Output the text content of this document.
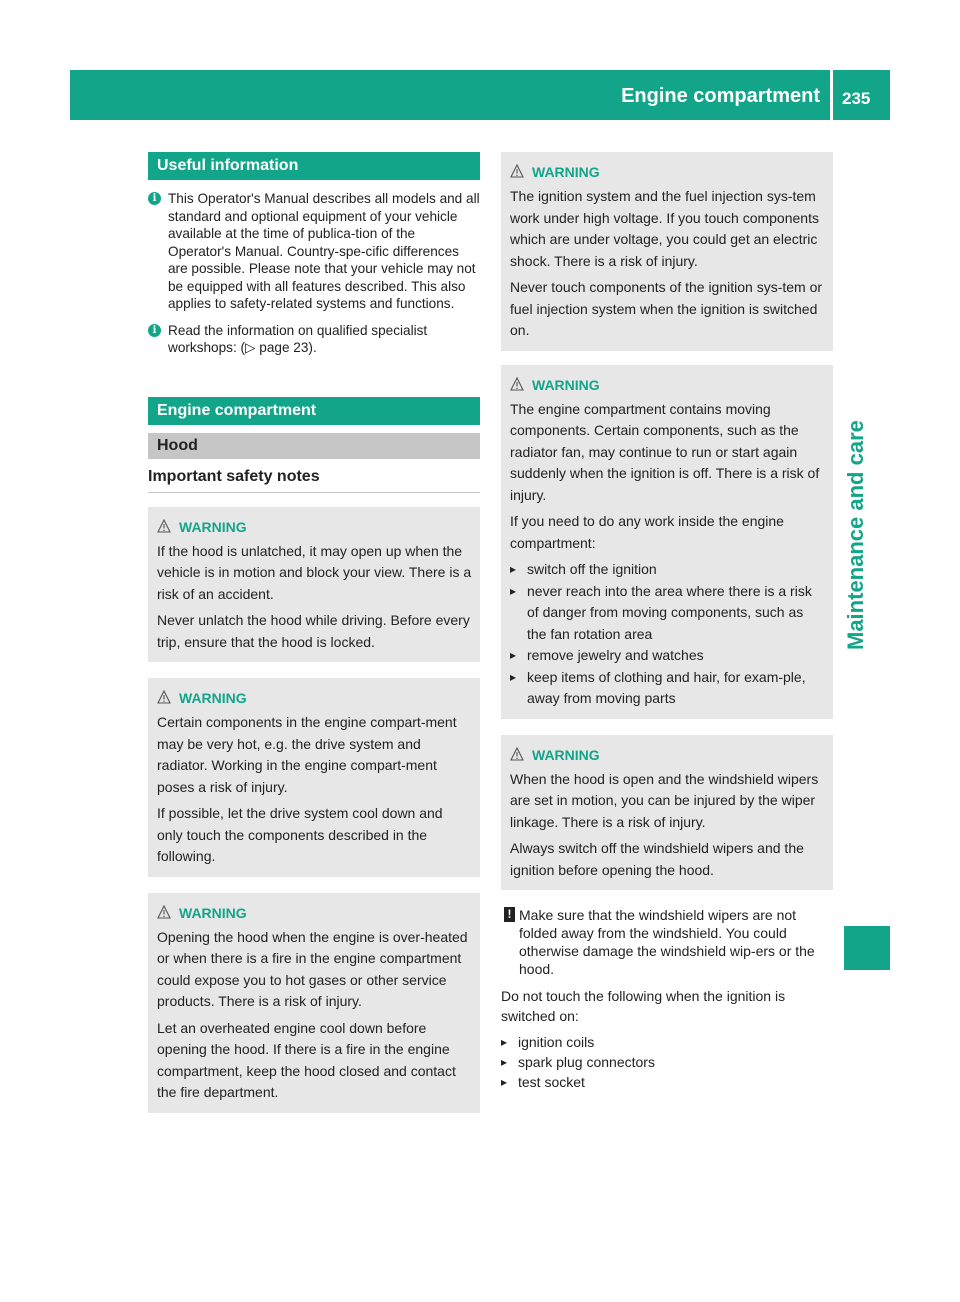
Engine compartment 235
Maintenance and care
Useful information
i This Operator's Manual describes all models and all standard and optional equipment of your vehicle available at the time of publica-tion of the Operator's Manual. Country-spe-cific differences are possible. Please note that your vehicle may not be equipped with all features described. This also applies to safety-related systems and functions.
i Read the information on qualified specialist workshops: (▷ page 23).
Engine compartment
Hood
Important safety notes
WARNING

If the hood is unlatched, it may open up when the vehicle is in motion and block your view. There is a risk of an accident.

Never unlatch the hood while driving. Before every trip, ensure that the hood is locked.

WARNING

Certain components in the engine compart-ment may be very hot, e.g. the drive system and radiator. Working in the engine compart-ment poses a risk of injury.

If possible, let the drive system cool down and only touch the components described in the following.

WARNING

Opening the hood when the engine is over-heated or when there is a fire in the engine compartment could expose you to hot gases or other service products. There is a risk of injury.

Let an overheated engine cool down before opening the hood. If there is a fire in the engine compartment, keep the hood closed and contact the fire department.

WARNING

The ignition system and the fuel injection sys-tem work under high voltage. If you touch components which are under voltage, you could get an electric shock. There is a risk of injury.

Never touch components of the ignition sys-tem or fuel injection system when the ignition is switched on.

WARNING

The engine compartment contains moving components. Certain components, such as the radiator fan, may continue to run or start again suddenly when the ignition is off. There is a risk of injury.

If you need to do any work inside the engine compartment:

▸ switch off the ignition
▸ never reach into the area where there is a risk of danger from moving components, such as the fan rotation area
▸ remove jewelry and watches
▸ keep items of clothing and hair, for exam-ple, away from moving parts
WARNING

When the hood is open and the windshield wipers are set in motion, you can be injured by the wiper linkage. There is a risk of injury.

Always switch off the windshield wipers and the ignition before opening the hood.

! Make sure that the windshield wipers are not folded away from the windshield. You could otherwise damage the windshield wip-ers or the hood.
Do not touch the following when the ignition is switched on:
▸ ignition coils
▸ spark plug connectors
▸ test socket
